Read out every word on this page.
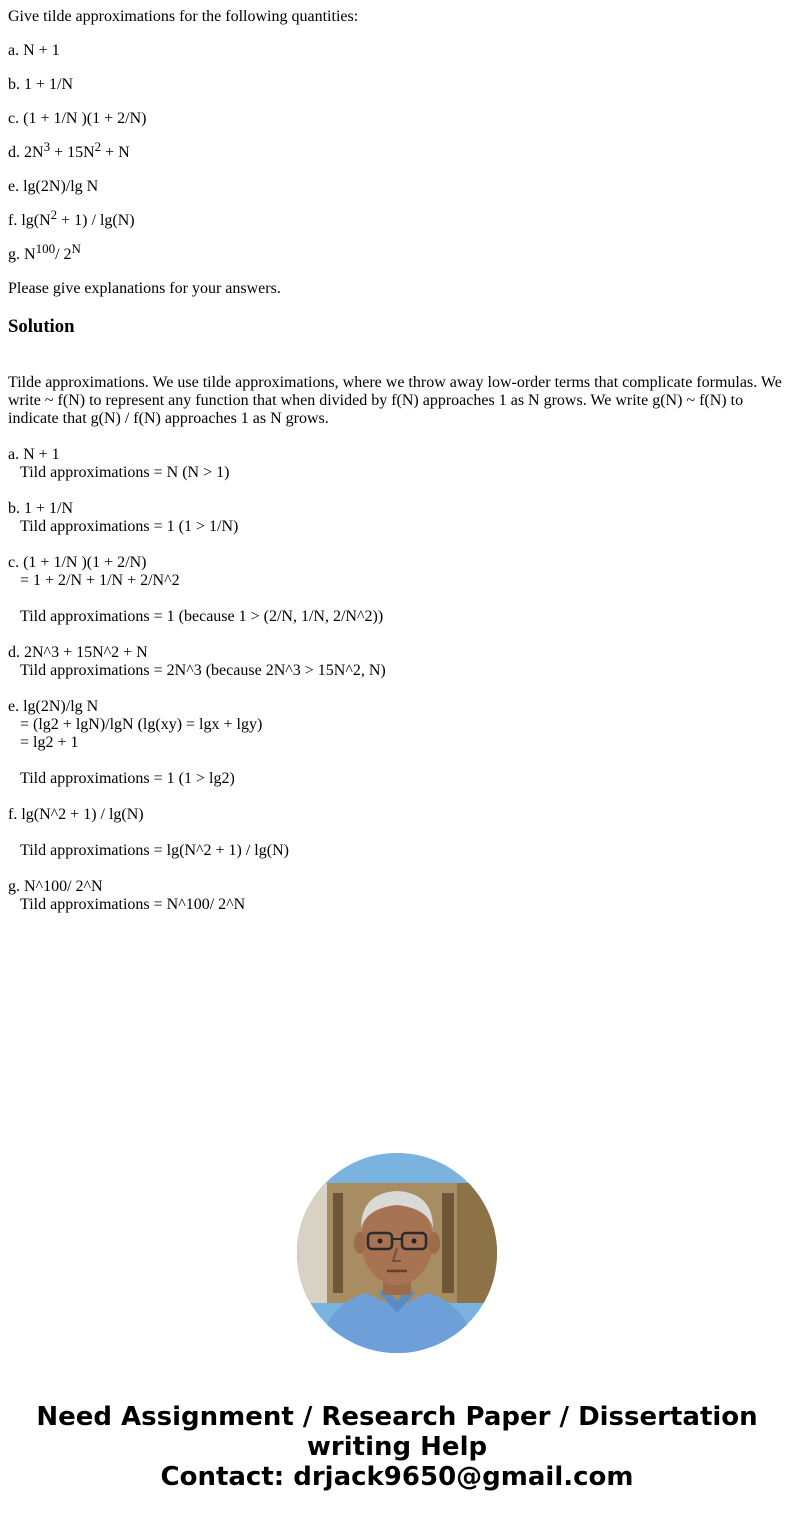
Give tilde approximations for the following quantities:

a. N + 1
b. 1 + 1/N
c. (1 + 1/N )(1 + 2/N)
d. $2N^3 + 15N^2 + N$
e. lg(2N)/lg N
f. $\lg(N^2 + 1) / \lg(N)$
g. $N^{100}/$ $2^N$

Please give explanations for your answers.

Solution

Tilde approximations. We use tilde approximations, where we throw away low-order terms that complicate formulas. We write ~ f(N) to represent any function that when divided by f(N) approaches 1 as N grows. We write g(N) ~ f(N) to indicate that g(N) / f(N) approaches 1 as N grows.

a. N + 1
Tild approximations = N (N > 1)

b. 1 + 1/N
Tild approximations = 1 (1 > 1/N)

c. (1 + 1/N )(1 + 2/N)
= 1 + 2/N + 1/N + 2/N^2

Tild approximations = 1 (because 1 > (2/N, 1/N, 2/N^2))

d. 2N^3 + 15N^2 + N
Tild approximations = 2N^3 (because 2N^3 > 15N^2, N)

e. lg(2N)/lg N
= (lg2 + lgN)/lgN (lg(xy) = lgx + lgy)
= lg2 + 1

Tild approximations = 1 (1 > lg2)

f. lg(N^2 + 1) / lg(N)

Tild approximations = lg(N^2 + 1) / lg(N)

g. N^100/ 2^N
Tild approximations = N^100/ 2^N
Need Assignment / Research Paper / Dissertation
writing Help
Contact: drjack9650@gmail.com
